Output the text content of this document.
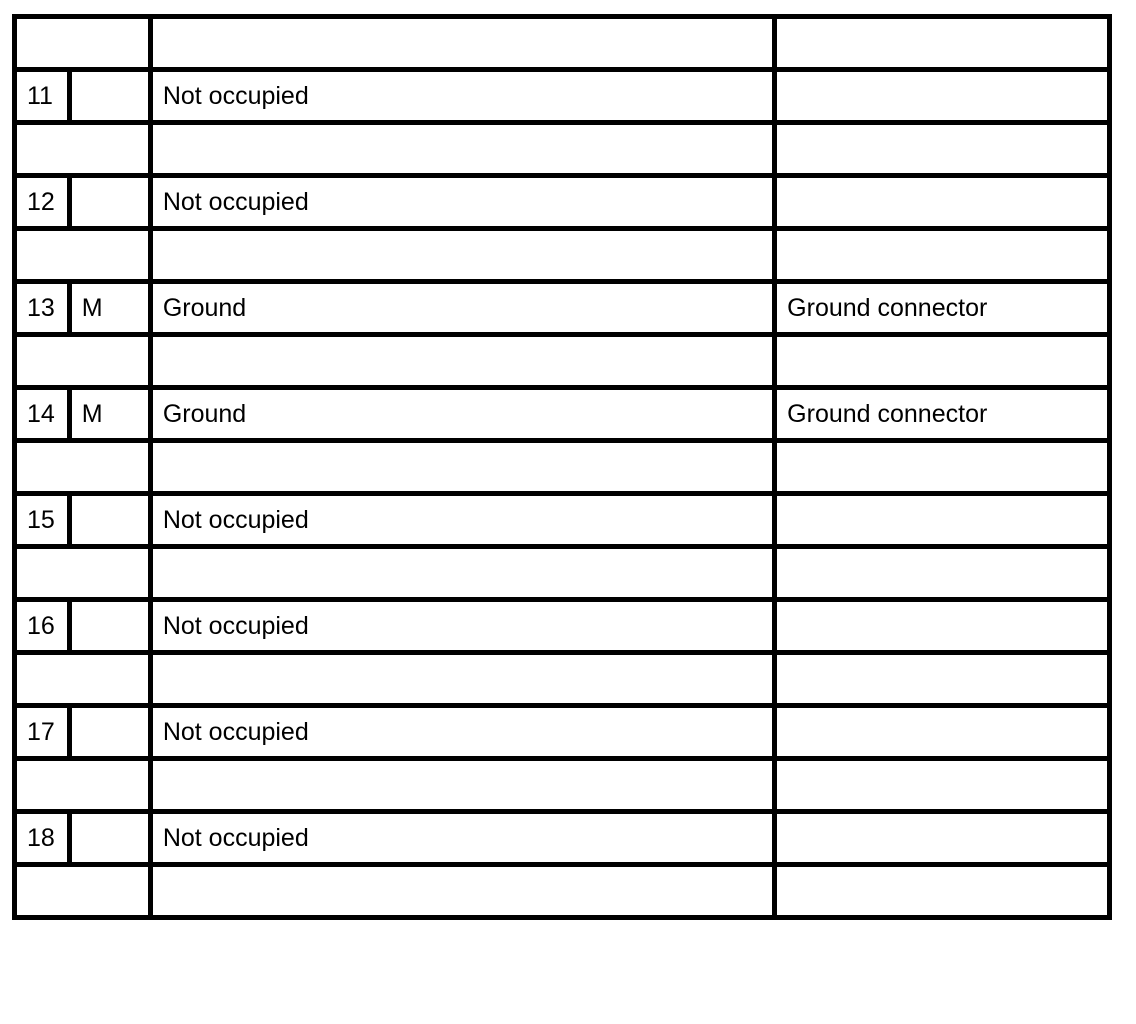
11		Not occupied	

12		Not occupied	

13	M	Ground	Ground connector

14	M	Ground	Ground connector

15		Not occupied	

16		Not occupied	

17		Not occupied	

18		Not occupied	
